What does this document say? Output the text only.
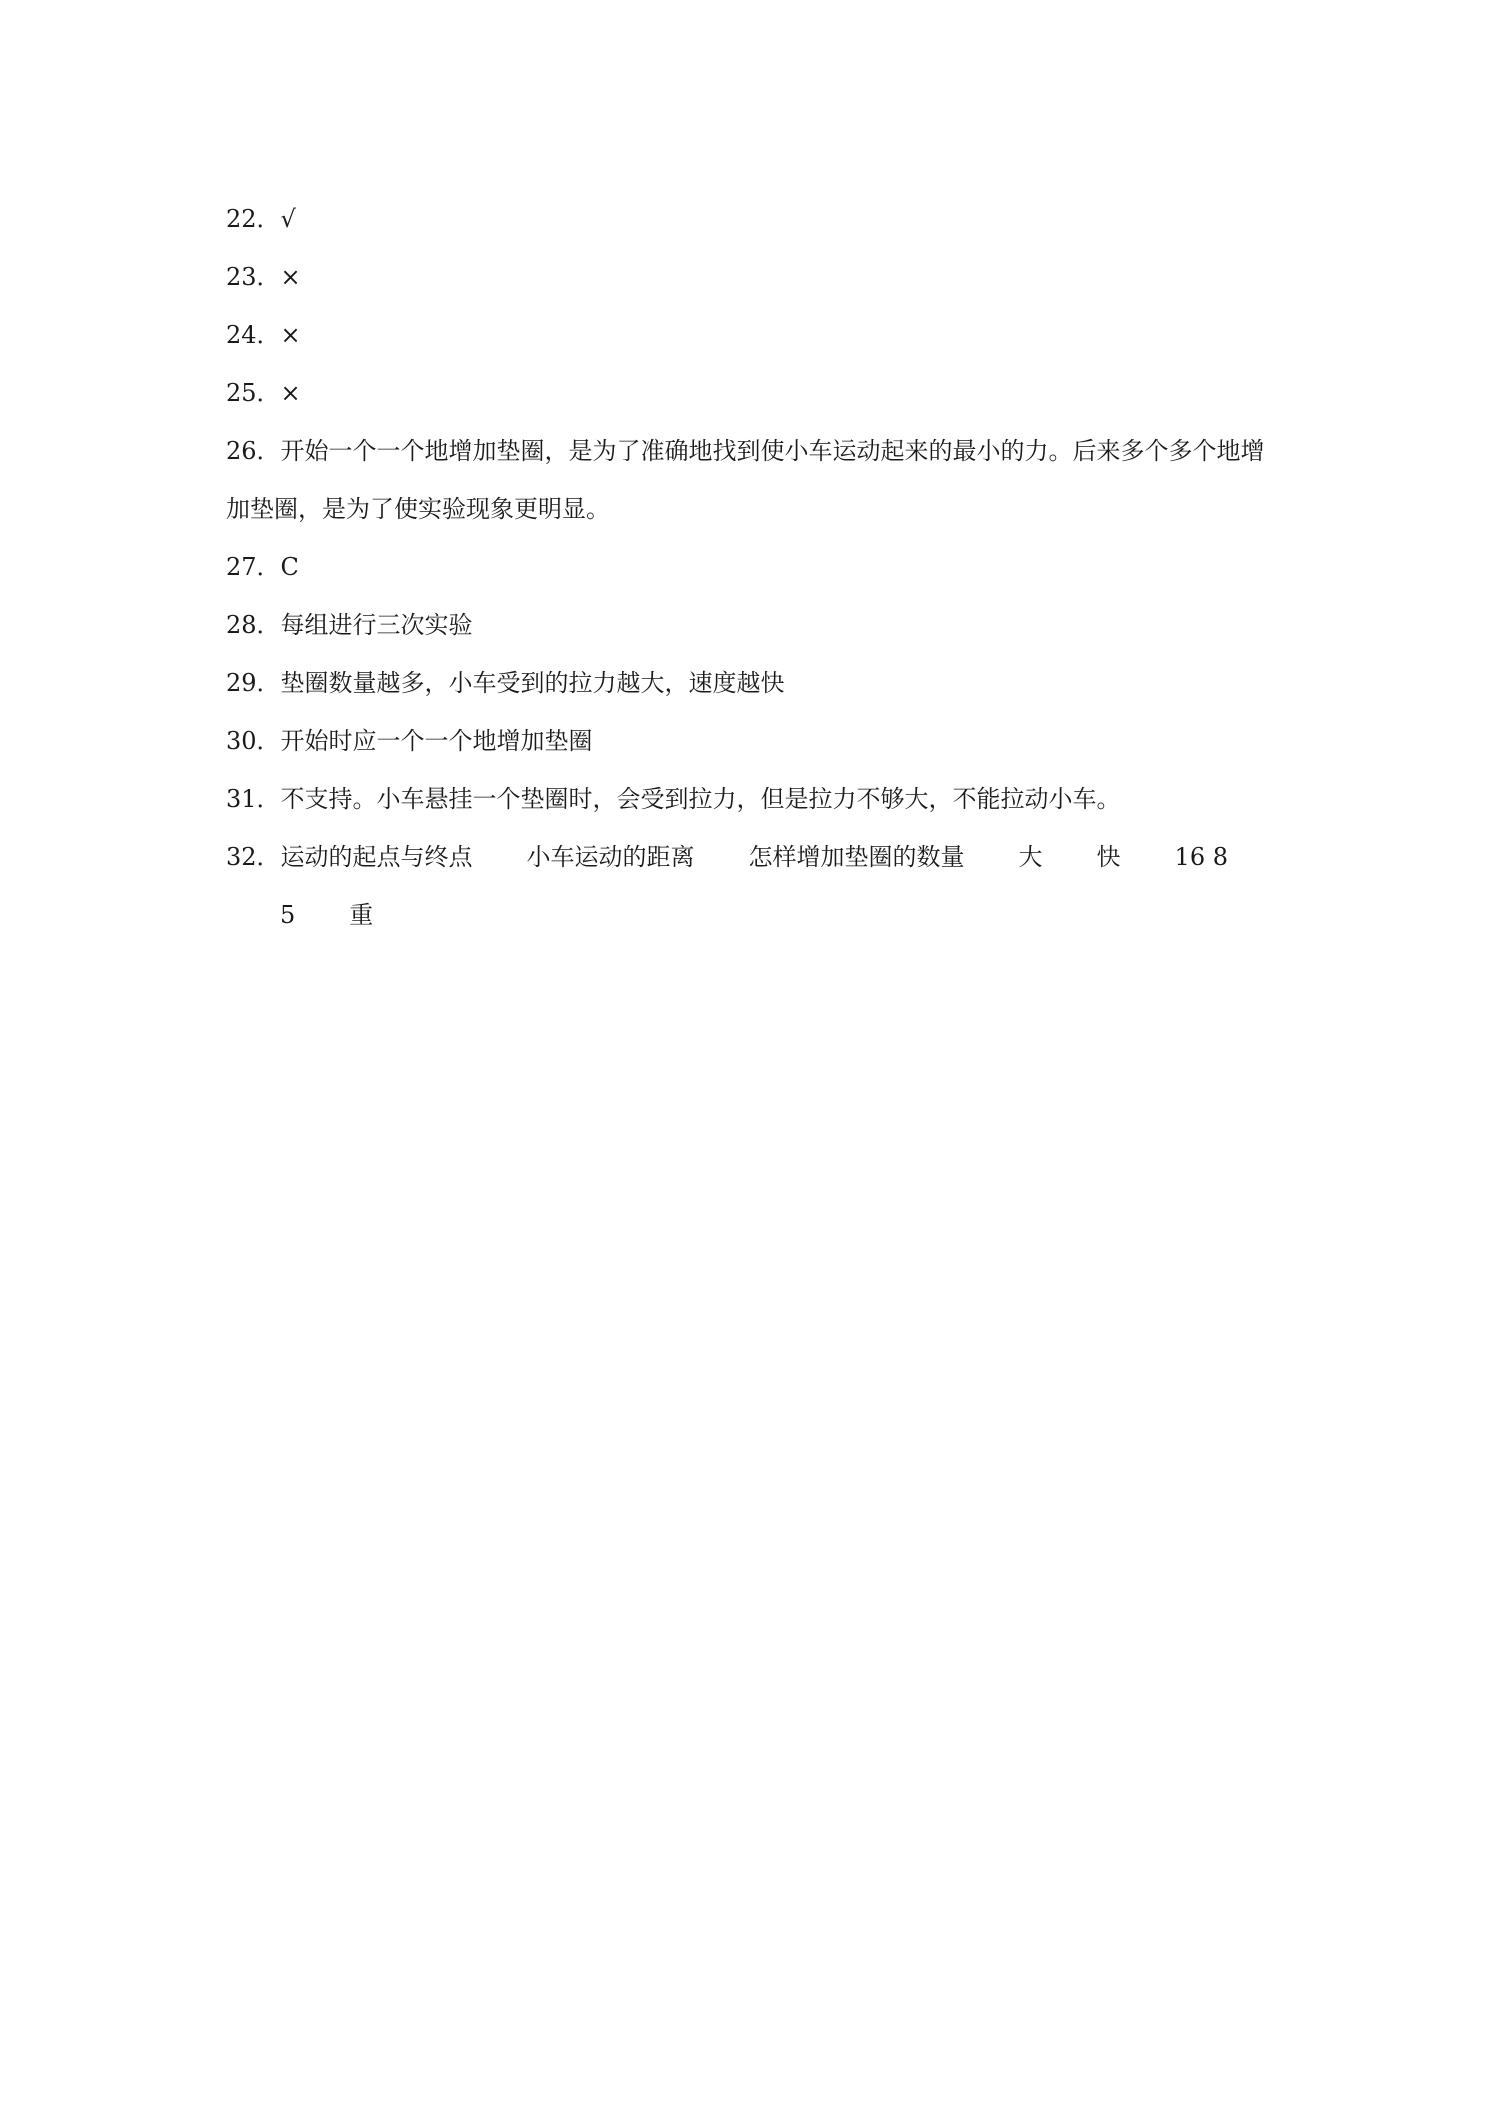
22．√
23．×
24．×
25．×
26．开始一个一个地增加垫圈，是为了准确地找到使小车运动起来的最小的力。后来多个多个地增加垫圈，是为了使实验现象更明显。
27．C
28．每组进行三次实验
29．垫圈数量越多，小车受到的拉力越大，速度越快
30．开始时应一个一个地增加垫圈
31．不支持。小车悬挂一个垫圈时，会受到拉力，但是拉力不够大，不能拉动小车。
32．运动的起点与终点 小车运动的距离 怎样增加垫圈的数量 大 快 16 85 重
